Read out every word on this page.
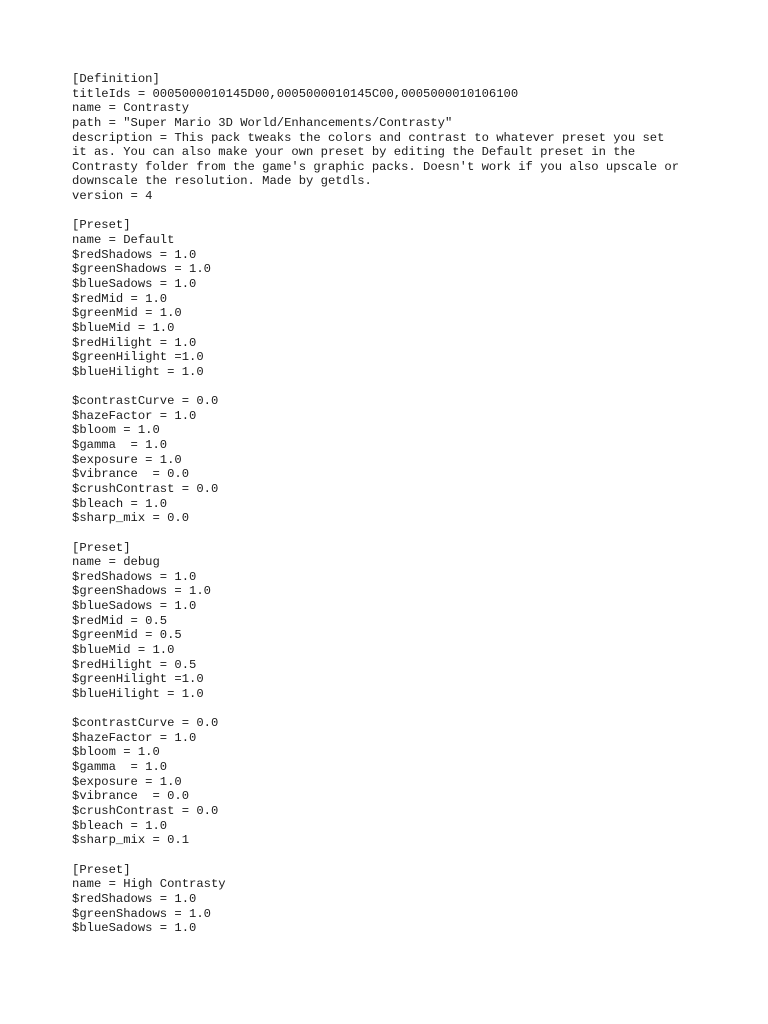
[Definition]
titleIds = 0005000010145D00,0005000010145C00,0005000010106100
name = Contrasty
path = "Super Mario 3D World/Enhancements/Contrasty"
description = This pack tweaks the colors and contrast to whatever preset you set
it as. You can also make your own preset by editing the Default preset in the
Contrasty folder from the game's graphic packs. Doesn't work if you also upscale or
downscale the resolution. Made by getdls.
version = 4
[Preset]
name = Default
$redShadows = 1.0
$greenShadows = 1.0
$blueSadows = 1.0
$redMid = 1.0
$greenMid = 1.0
$blueMid = 1.0
$redHilight = 1.0
$greenHilight =1.0
$blueHilight = 1.0
$contrastCurve = 0.0
$hazeFactor = 1.0
$bloom = 1.0
$gamma  = 1.0
$exposure = 1.0
$vibrance  = 0.0
$crushContrast = 0.0
$bleach = 1.0
$sharp_mix = 0.0
[Preset]
name = debug
$redShadows = 1.0
$greenShadows = 1.0
$blueSadows = 1.0
$redMid = 0.5
$greenMid = 0.5
$blueMid = 1.0
$redHilight = 0.5
$greenHilight =1.0
$blueHilight = 1.0
$contrastCurve = 0.0
$hazeFactor = 1.0
$bloom = 1.0
$gamma  = 1.0
$exposure = 1.0
$vibrance  = 0.0
$crushContrast = 0.0
$bleach = 1.0
$sharp_mix = 0.1
[Preset]
name = High Contrasty
$redShadows = 1.0
$greenShadows = 1.0
$blueSadows = 1.0
